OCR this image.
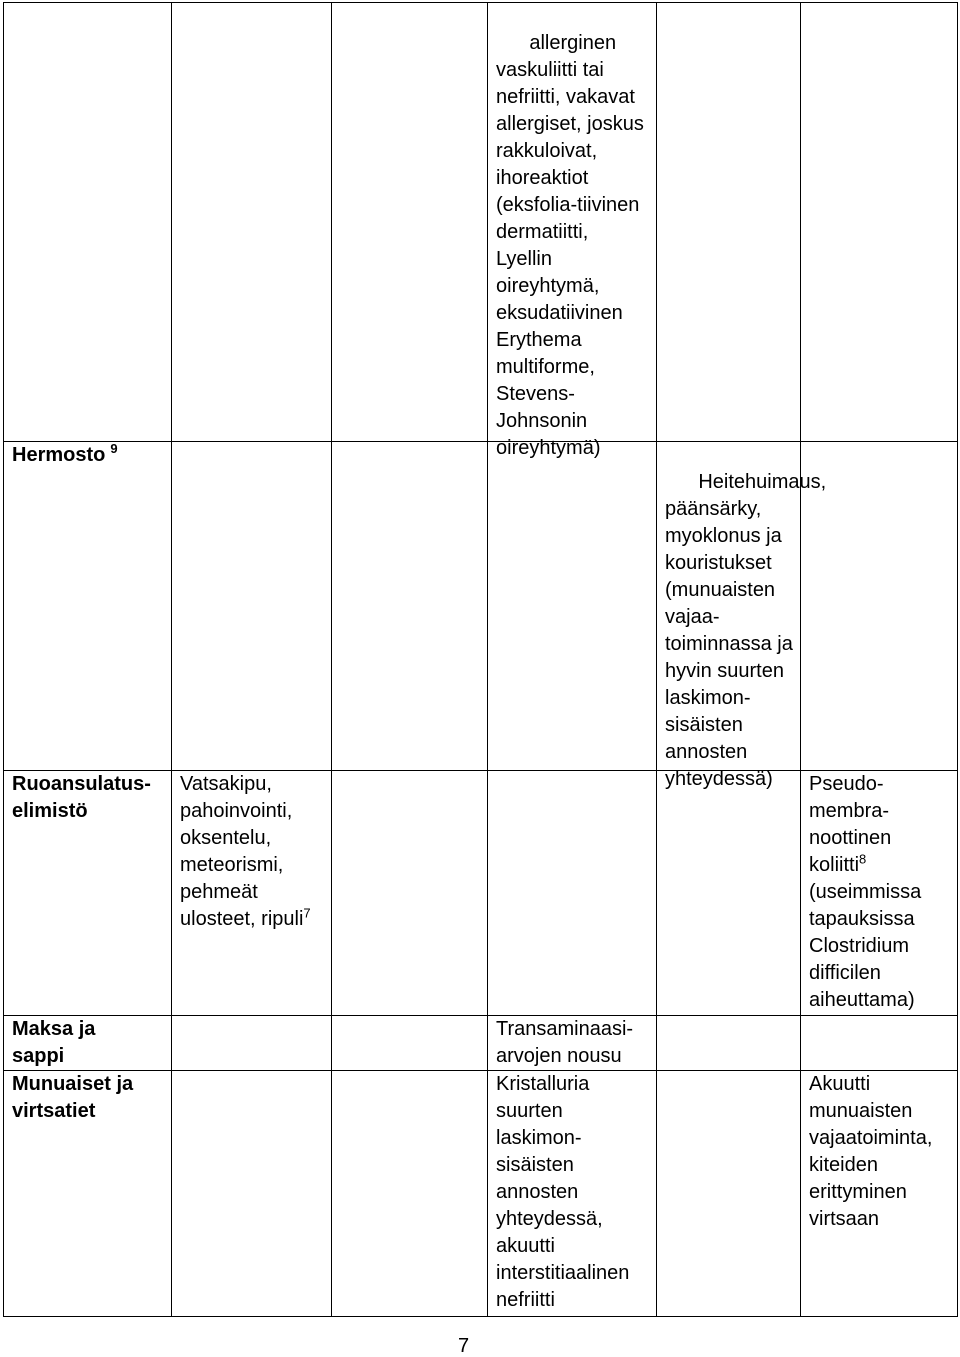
allerginen
vaskuliitti tai
nefriitti, vakavat
allergiset, joskus
rakkuloivat,
ihoreaktiot
(eksfolia-tiivinen
dermatiitti,
Lyellin
oireyhtymä,
eksudatiivinen
Erythema
multiforme,
Stevens-
Johnsonin
oireyhtymä)

Hermosto $^9$

Heitehuimaus,
päänsärky,
myoklonus ja
kouristukset
(munuaisten
vajaa-
toiminnassa ja
hyvin suurten
laskimon-
sisäisten
annosten
yhteydessä)

Ruoansulatus-
elimistö
Vatsakipu,
pahoinvointi,
oksentelu,
meteorismi,
pehmeät
ulosteet, ripuli$^7$
Pseudo-
membra-
noottinen
koliitti$^8$
(useimmissa
tapauksissa
Clostridium
difficilen
aiheuttama)
Maksa ja
sappi
Transaminaasi-
arvojen nousu
Munuaiset ja
virtsatiet
Kristalluria
suurten
laskimon-
sisäisten
annosten
yhteydessä,
akuutti
interstitiaalinen
nefriitti
Akuutti
munuaisten
vajaatoiminta,
kiteiden
erittyminen
virtsaan
7
